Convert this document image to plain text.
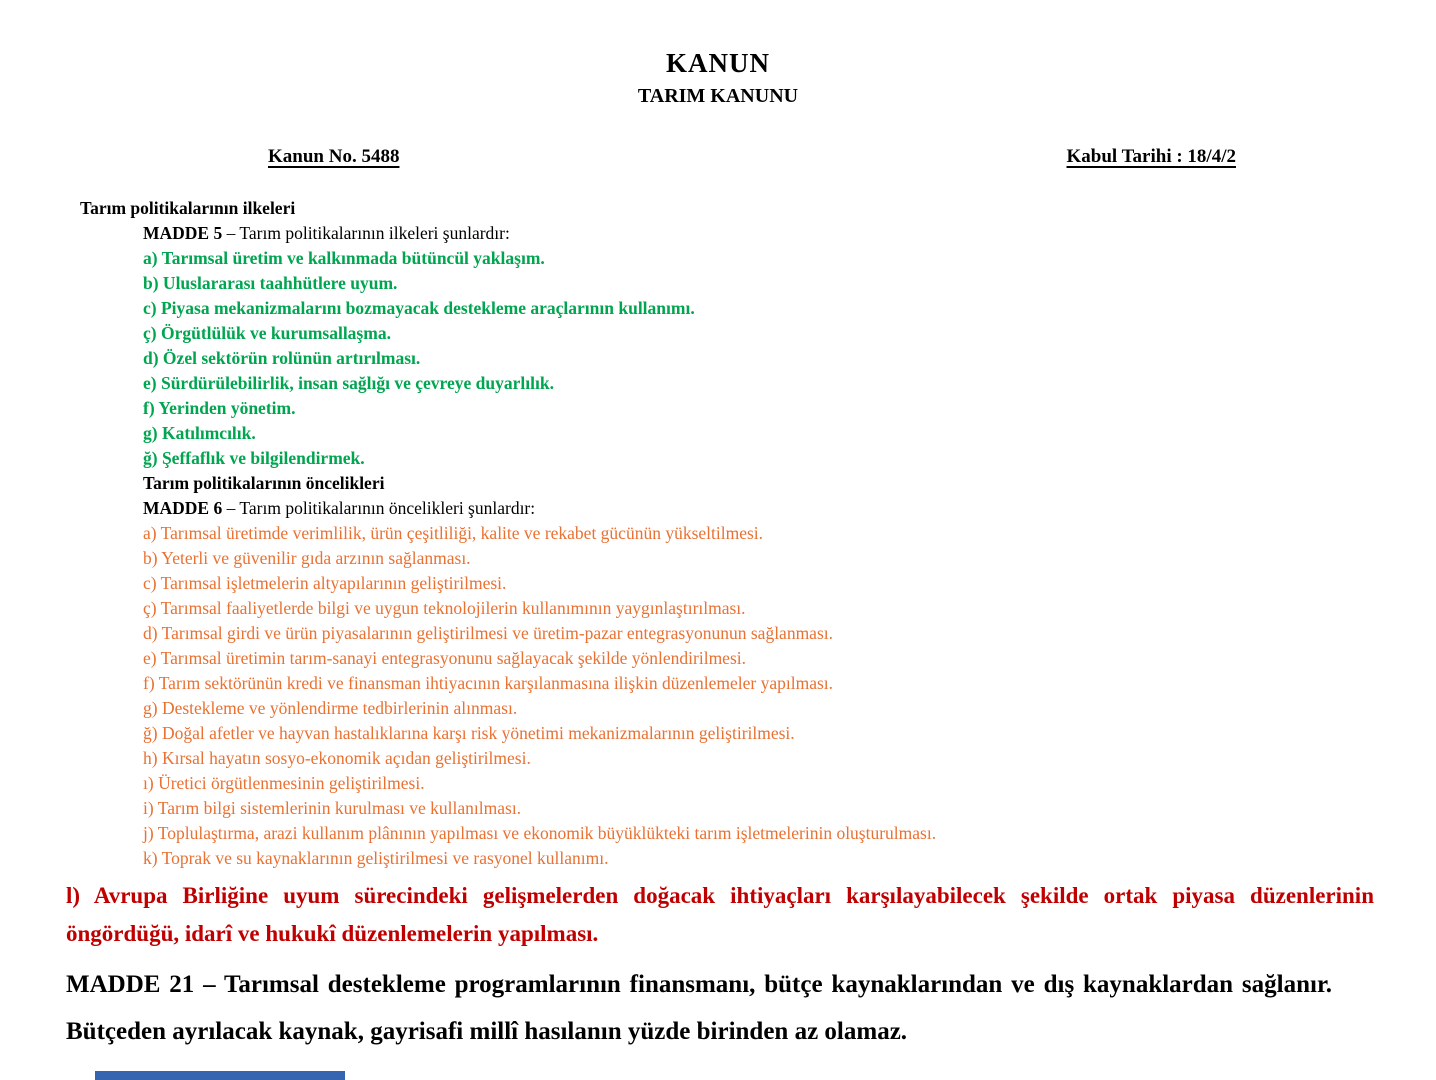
KANUN
TARIM KANUNU
Kanun No. 5488	Kabul Tarihi : 18/4/2
Tarım politikalarının ilkeleri
MADDE 5 – Tarım politikalarının ilkeleri şunlardır:
a) Tarımsal üretim ve kalkınmada bütüncül yaklaşım.
b) Uluslararası taahhütlere uyum.
c) Piyasa mekanizmalarını bozmayacak destekleme araçlarının kullanımı.
ç) Örgütlülük ve kurumsallaşma.
d) Özel sektörün rolünün artırılması.
e) Sürdürülebilirlik, insan sağlığı ve çevreye duyarlılık.
f) Yerinden yönetim.
g) Katılımcılık.
ğ) Şeffaflık ve bilgilendirmek.
Tarım politikalarının öncelikleri
MADDE 6 – Tarım politikalarının öncelikleri şunlardır:
a) Tarımsal üretimde verimlilik, ürün çeşitliliği, kalite ve rekabet gücünün yükseltilmesi.
b) Yeterli ve güvenilir gıda arzının sağlanması.
c) Tarımsal işletmelerin altyapılarının geliştirilmesi.
ç) Tarımsal faaliyetlerde bilgi ve uygun teknolojilerin kullanımının yaygınlaştırılması.
d) Tarımsal girdi ve ürün piyasalarının geliştirilmesi ve üretim-pazar entegrasyonunun sağlanması.
e) Tarımsal üretimin tarım-sanayi entegrasyonunu sağlayacak şekilde yönlendirilmesi.
f) Tarım sektörünün kredi ve finansman ihtiyacının karşılanmasına ilişkin düzenlemeler yapılması.
g) Destekleme ve yönlendirme tedbirlerinin alınması.
ğ) Doğal afetler ve hayvan hastalıklarına karşı risk yönetimi mekanizmalarının geliştirilmesi.
h) Kırsal hayatın sosyo-ekonomik açıdan geliştirilmesi.
ı) Üretici örgütlenmesinin geliştirilmesi.
i) Tarım bilgi sistemlerinin kurulması ve kullanılması.
j) Toplulaştırma, arazi kullanım plânının yapılması ve ekonomik büyüklükteki tarım işletmelerinin oluşturulması.
k) Toprak ve su kaynaklarının geliştirilmesi ve rasyonel kullanımı.
l) Avrupa Birliğine uyum sürecindeki gelişmelerden doğacak ihtiyaçları karşılayabilecek şekilde ortak piyasa düzenlerinin öngördüğü, idarî ve hukukî düzenlemelerin yapılması.
MADDE 21 – Tarımsal destekleme programlarının finansmanı, bütçe kaynaklarından ve dış kaynaklardan sağlanır. Bütçeden ayrılacak kaynak, gayrisafi millî hasılanın yüzde birinden az olamaz.
